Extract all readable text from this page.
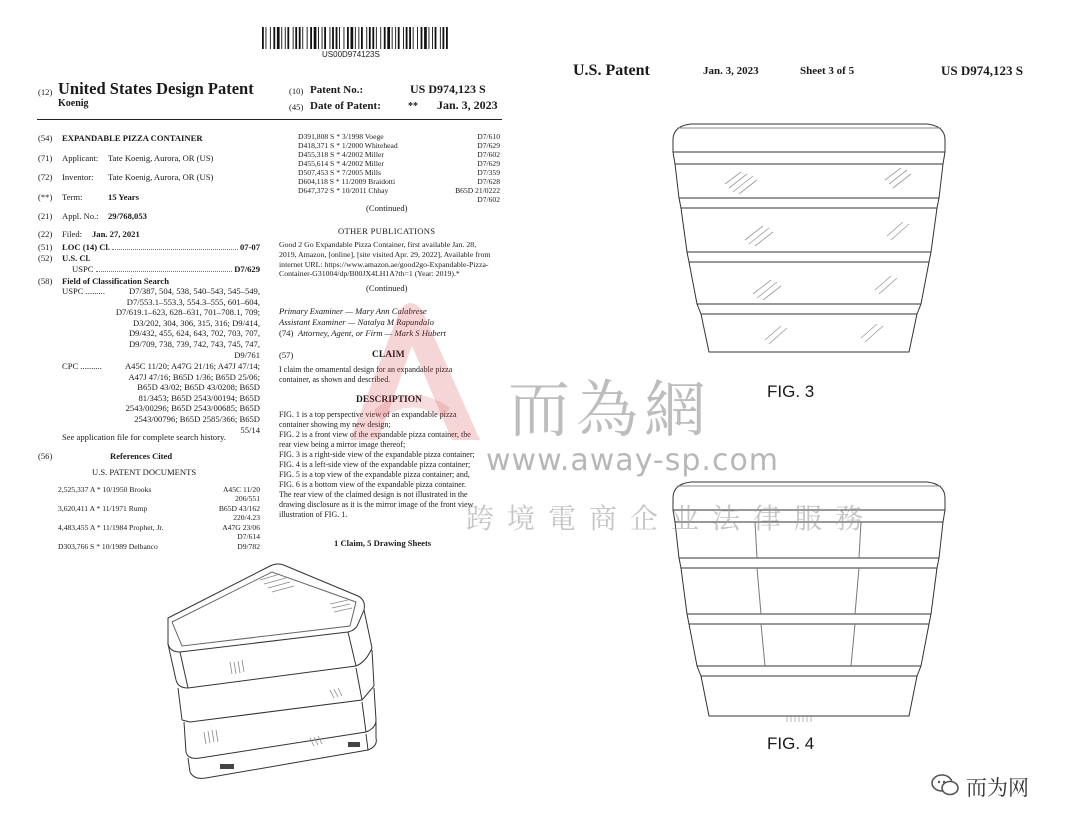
US00D974123S
(12) United States Design Patent
Koenig
(10) Patent No.:	US D974,123 S
(45) Date of Patent:	** Jan. 3, 2023
(54) EXPANDABLE PIZZA CONTAINER
(71) Applicant: Tate Koenig, Aurora, OR (US)
(72) Inventor: Tate Koenig, Aurora, OR (US)
(**) Term:	15 Years
(21) Appl. No.: 29/768,053
(22) Filed: Jan. 27, 2021
(51) LOC (14) Cl.	07-07
(52) U.S. Cl.
USPC	D7/629
(58) Field of Classification Search
USPC .........	D7/387, 504, 538, 540–543, 545–549,
D7/553.1–553.3, 554.3–555, 601–604,
D7/619.1–623, 628–631, 701–708.1, 709;
D3/202, 304, 306, 315, 316; D9/414,
D9/432, 455, 624, 643, 702, 703, 707,
D9/709, 738, 739, 742, 743, 745, 747,
D9/761
CPC ..........	A45C 11/20; A47G 21/16; A47J 47/14;
A47J 47/16; B65D 1/36; B65D 25/06;
B65D 43/02; B65D 43/0208; B65D
81/3453; B65D 2543/00194; B65D
2543/00296; B65D 2543/00685; B65D
2543/00796; B65D 2585/366; B65D
55/14
See application file for complete search history.
(56)	References Cited
U.S. PATENT DOCUMENTS
2,525,337 A * 10/1950 Brooks	A45C 11/20
206/551
3,620,411 A * 11/1971 Rump	B65D 43/162
220/4.23
4,483,455 A * 11/1984 Prophet, Jr.	A47G 23/06
D7/614
D303,766 S * 10/1989 Delbanco	D9/782
D391,808 S * 3/1998 Voege	D7/610
D418,371 S * 1/2000 Whitehead	D7/629
D455,318 S * 4/2002 Miller	D7/602
D455,614 S * 4/2002 Miller	D7/629
D507,453 S * 7/2005 Mills	D7/359
D604,118 S * 11/2009 Braidotti	D7/628
D647,372 S * 10/2011 Chhay	B65D 21/0222
D7/602
(Continued)
OTHER PUBLICATIONS
Good 2 Go Expandable Pizza Container, first available Jan. 28,
2019, Amazon, [online], [site visited Apr. 29, 2022], Available from
internet URL: https://www.amazon.ae/good2go-Expandable-Pizza-
Container-G31004/dp/B00JX4LH1A?th=1 (Year: 2019).*
(Continued)
Primary Examiner — Mary Ann Calabrese
Assistant Examiner — Natalya M Rapundalo
(74) Attorney, Agent, or Firm — Mark S Hubert
(57)	CLAIM
I claim the ornamental design for an expandable pizza
container, as shown and described.
DESCRIPTION
FIG. 1 is a top perspective view of an expandable pizza
container showing my new design;
FIG. 2 is a front view of the expandable pizza container, the
rear view being a mirror image thereof;
FIG. 3 is a right-side view of the expandable pizza container;
FIG. 4 is a left-side view of the expandable pizza container;
FIG. 5 is a top view of the expandable pizza container; and,
FIG. 6 is a bottom view of the expandable pizza container.
The rear view of the claimed design is not illustrated in the
drawing disclosure as it is the mirror image of the front view
illustration of FIG. 1.
1 Claim, 5 Drawing Sheets
U.S. Patent	Jan. 3, 2023	Sheet 3 of 5	US D974,123 S
FIG. 3
FIG. 4
而為網
www.away-sp.com
跨境電商企业法律服務
而为网
